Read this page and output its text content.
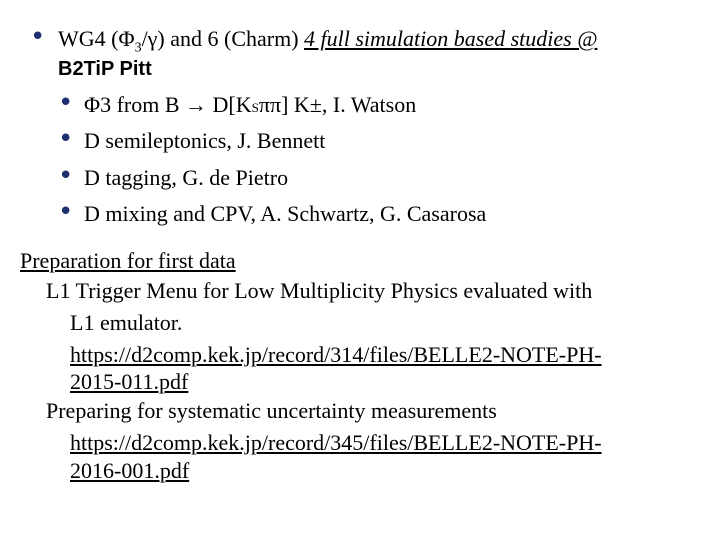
• WG4 $(\Phi_3/\gamma)$ and 6 (Charm) 4 full simulation based studies @
B2TiP Pitt
• Φ3 from B → D[KSππ] K±, I. Watson
• D semileptonics, J. Bennett
• D tagging, G. de Pietro
• D mixing and CPV, A. Schwartz, G. Casarosa
Preparation for first data
L1 Trigger Menu for Low Multiplicity Physics evaluated with
L1 emulator.
https://d2comp.kek.jp/record/314/files/BELLE2-NOTE-PH-
2015-011.pdf
Preparing for systematic uncertainty measurements
https://d2comp.kek.jp/record/345/files/BELLE2-NOTE-PH-
2016-001.pdf
